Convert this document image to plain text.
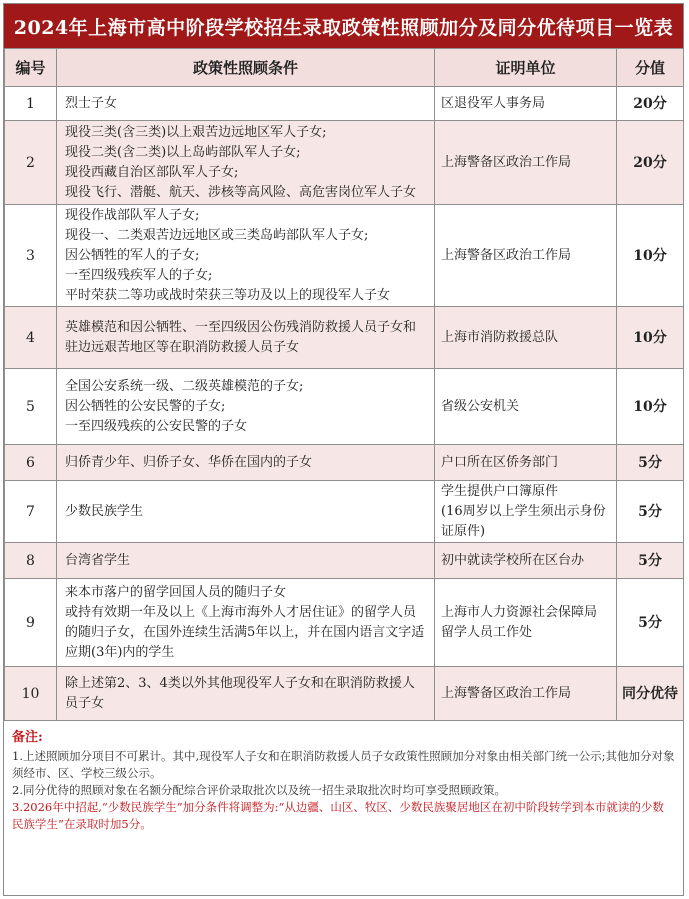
2024年上海市高中阶段学校招生录取政策性照顾加分及同分优待项目一览表
编号	政策性照顾条件	证明单位	分值
1	烈士子女	区退役军人事务局	20分
2	现役三类(含三类)以上艰苦边远地区军人子女;
现役二类(含二类)以上岛屿部队军人子女;
现役西藏自治区部队军人子女;
现役飞行、潜艇、航天、涉核等高风险、高危害岗位军人子女	上海警备区政治工作局	20分
3	现役作战部队军人子女;
现役一、二类艰苦边远地区或三类岛屿部队军人子女;
因公牺牲的军人的子女;
一至四级残疾军人的子女;
平时荣获二等功或战时荣获三等功及以上的现役军人子女	上海警备区政治工作局	10分
4	英雄模范和因公牺牲、一至四级因公伤残消防救援人员子女和驻边远艰苦地区等在职消防救援人员子女	上海市消防救援总队	10分
5	全国公安系统一级、二级英雄模范的子女;
因公牺牲的公安民警的子女;
一至四级残疾的公安民警的子女	省级公安机关	10分
6	归侨青少年、归侨子女、华侨在国内的子女	户口所在区侨务部门	5分
7	少数民族学生	学生提供户口簿原件
(16周岁以上学生须出示身份证原件)	5分
8	台湾省学生	初中就读学校所在区台办	5分
9	来本市落户的留学回国人员的随归子女
或持有效期一年及以上《上海市海外人才居住证》的留学人员的随归子女，在国外连续生活满5年以上，并在国内语言文字适应期(3年)内的学生	上海市人力资源社会保障局
留学人员工作处	5分
10	除上述第2、3、4类以外其他现役军人子女和在职消防救援人员子女	上海警备区政治工作局	同分优待
备注:
1.上述照顾加分项目不可累计。其中,现役军人子女和在职消防救援人员子女政策性照顾加分对象由相关部门统一公示;其他加分对象须经市、区、学校三级公示。
2.同分优待的照顾对象在名额分配综合评价录取批次以及统一招生录取批次时均可享受照顾政策。
3.2026年中招起,“少数民族学生”加分条件将调整为:“从边疆、山区、牧区、少数民族聚居地区在初中阶段转学到本市就读的少数民族学生”在录取时加5分。
